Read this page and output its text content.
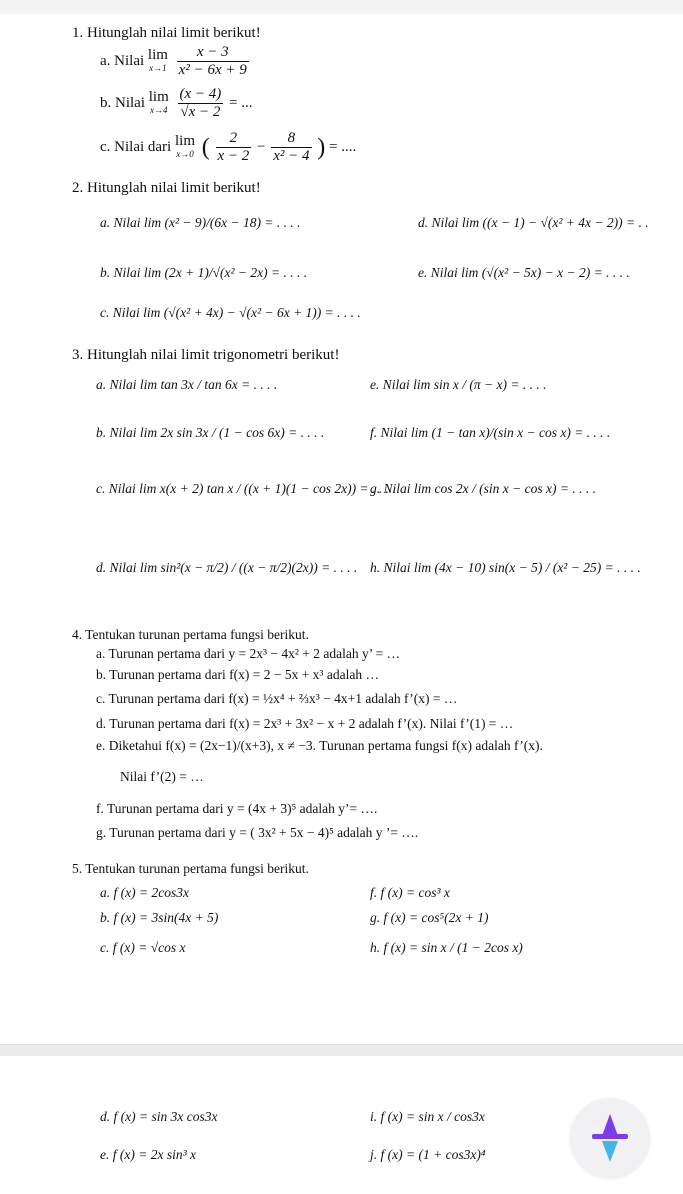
1. Hitunglah nilai limit berikut!
a. Nilai lim
x→1
$\frac{x - 3}{\text{x² − 6x + 9}}$
b. Nilai lim
x→4
$\frac{(x - 4)}{√x - 2}$ = ...
c. Nilai dari lim
x→0 ( $\frac{2}{x - 2} - \frac{8}{\text{x² − 4}}$ ) = ....
2. Hitunglah nilai limit berikut!
a. Nilai lim (x² − 9)/(6x − 18) = . . . .
b. Nilai lim (2x + 1)/√(x² − 2x) = . . . .
c. Nilai lim (√(x² + 4x) − √(x² − 6x + 1)) = . . . .
d. Nilai lim ((x − 1) − √(x² + 4x − 2)) = . .
e. Nilai lim (√(x² − 5x) − x − 2) = . . . .
3. Hitunglah nilai limit trigonometri berikut!
a. Nilai lim tan 3x / tan 6x = . . . .
b. Nilai lim 2x sin 3x / (1 − cos 6x) = . . . .
c. Nilai lim x(x + 2) tan x / ((x + 1)(1 − cos 2x)) = . . . .
d. Nilai lim sin²(x − π/2) / ((x − π/2)(2x)) = . . . .
e. Nilai lim sin x / (π − x) = . . . .
f. Nilai lim (1 − tan x)/(sin x − cos x) = . . . .
g. Nilai lim cos 2x / (sin x − cos x) = . . . .
h. Nilai lim (4x − 10) sin(x − 5) / (x² − 25) = . . . .
4. Tentukan turunan pertama fungsi berikut.
a. Turunan pertama dari y = 2x³ − 4x² + 2 adalah y’ = …
b. Turunan pertama dari f(x) = 2 − 5x + x³ adalah …
c. Turunan pertama dari f(x) = ½x⁴ + ⅔x³ − 4x+1 adalah f’(x) = …
d. Turunan pertama dari f(x) = 2x³ + 3x² − x + 2 adalah f’(x). Nilai f’(1) = …
e. Diketahui f(x) = (2x−1)/(x+3), x ≠ −3. Turunan pertama fungsi f(x) adalah f’(x).
Nilai f’(2) = …
f. Turunan pertama dari y = (4x + 3)⁵ adalah y’= ….
g. Turunan pertama dari y = ( 3x² + 5x − 4)⁵ adalah y ’= ….
5. Tentukan turunan pertama fungsi berikut.
a. f (x) = 2cos3x
b. f (x) = 3sin(4x + 5)
c. f (x) = √cos x
f. f (x) = cos³ x
g. f (x) = cos⁵(2x + 1)
h. f (x) = sin x / (1 − 2cos x)
d. f (x) = sin 3x cos3x
e. f (x) = 2x sin³ x
i. f (x) = sin x / cos3x
j. f (x) = (1 + cos3x)⁴
